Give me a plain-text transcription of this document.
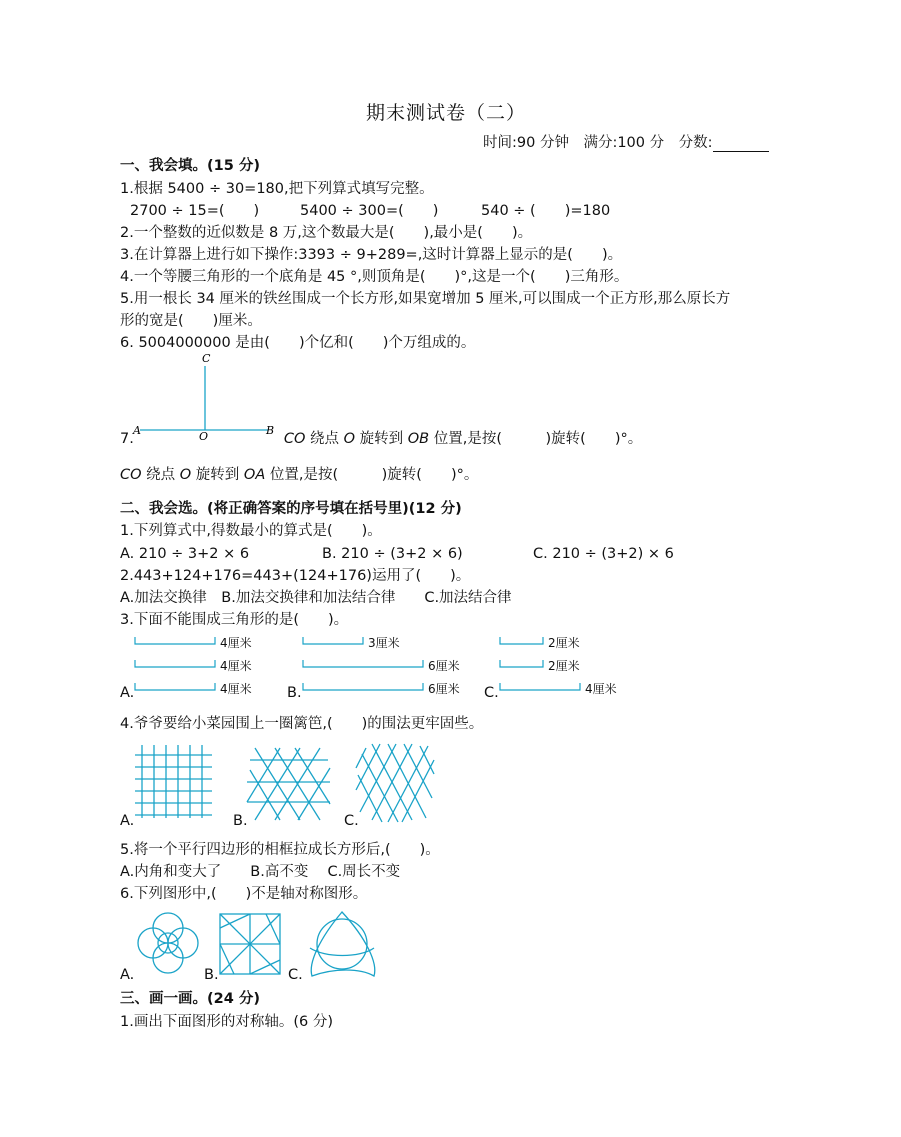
期末测试卷（二）
时间:90 分钟　满分:100 分　分数:
一、我会填。(15 分)
1.根据 5400 ÷ 30=180,把下列算式填写完整。
2700 ÷ 15=(　　)	5400 ÷ 300=(　　)	540 ÷ (　　)=180
2.一个整数的近似数是 8 万,这个数最大是(　　),最小是(　　)。
3.在计算器上进行如下操作:3393 ÷ 9+289=,这时计算器上显示的是(　　)。
4.一个等腰三角形的一个底角是 45 °,则顶角是(　　)°,这是一个(　　)三角形。
5.用一根长 34 厘米的铁丝围成一个长方形,如果宽增加 5 厘米,可以围成一个正方形,那么原长方
形的宽是(　　)厘米。
6. 5004000000 是由(　　)个亿和(　　)个万组成的。
C
A	O	B
7.	CO 绕点 O 旋转到 OB 位置,是按(　　　)旋转(　　)°。
CO 绕点 O 旋转到 OA 位置,是按(　　　)旋转(　　)°。
二、我会选。(将正确答案的序号填在括号里)(12 分)
1.下列算式中,得数最小的算式是(　　)。
A. 210 ÷ 3+2 × 6	B. 210 ÷ (3+2 × 6)	C. 210 ÷ (3+2) × 6
2.443+124+176=443+(124+176)运用了(　　)。
A.加法交换律　B.加法交换律和加法结合律　　C.加法结合律
3.下面不能围成三角形的是(　　)。
4厘米
4厘米
4厘米
3厘米
6厘米
6厘米
2厘米
2厘米
4厘米
A.	B.	C.
4.爷爷要给小菜园围上一圈篱笆,(　　)的围法更牢固些。
A.	B.	C.
5.将一个平行四边形的相框拉成长方形后,(　　)。
A.内角和变大了　　B.高不变　 C.周长不变
6.下列图形中,(　　)不是轴对称图形。
A.	B.	C.
三、画一画。(24 分)
1.画出下面图形的对称轴。(6 分)
